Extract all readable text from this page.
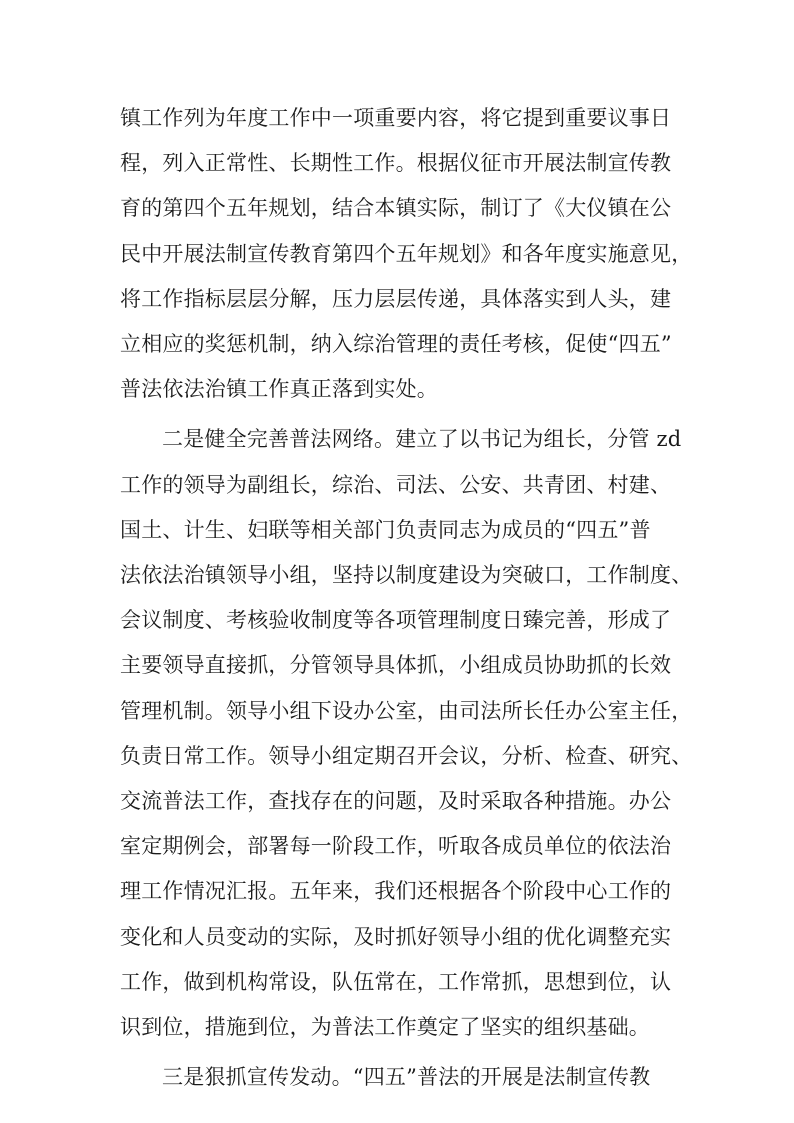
镇工作列为年度工作中一项重要内容，将它提到重要议事日
程，列入正常性、长期性工作。根据仪征市开展法制宣传教
育的第四个五年规划，结合本镇实际，制订了《大仪镇在公
民中开展法制宣传教育第四个五年规划》和各年度实施意见，
将工作指标层层分解，压力层层传递，具体落实到人头，建
立相应的奖惩机制，纳入综治管理的责任考核，促使“四五”
普法依法治镇工作真正落到实处。
二是健全完善普法网络。建立了以书记为组长，分管 zd
工作的领导为副组长，综治、司法、公安、共青团、村建、
国土、计生、妇联等相关部门负责同志为成员的“四五”普
法依法治镇领导小组，坚持以制度建设为突破口，工作制度、
会议制度、考核验收制度等各项管理制度日臻完善，形成了
主要领导直接抓，分管领导具体抓，小组成员协助抓的长效
管理机制。领导小组下设办公室，由司法所长任办公室主任，
负责日常工作。领导小组定期召开会议，分析、检查、研究、
交流普法工作，查找存在的问题，及时采取各种措施。办公
室定期例会，部署每一阶段工作，听取各成员单位的依法治
理工作情况汇报。五年来，我们还根据各个阶段中心工作的
变化和人员变动的实际，及时抓好领导小组的优化调整充实
工作，做到机构常设，队伍常在，工作常抓，思想到位，认
识到位，措施到位，为普法工作奠定了坚实的组织基础。
三是狠抓宣传发动。“四五”普法的开展是法制宣传教
